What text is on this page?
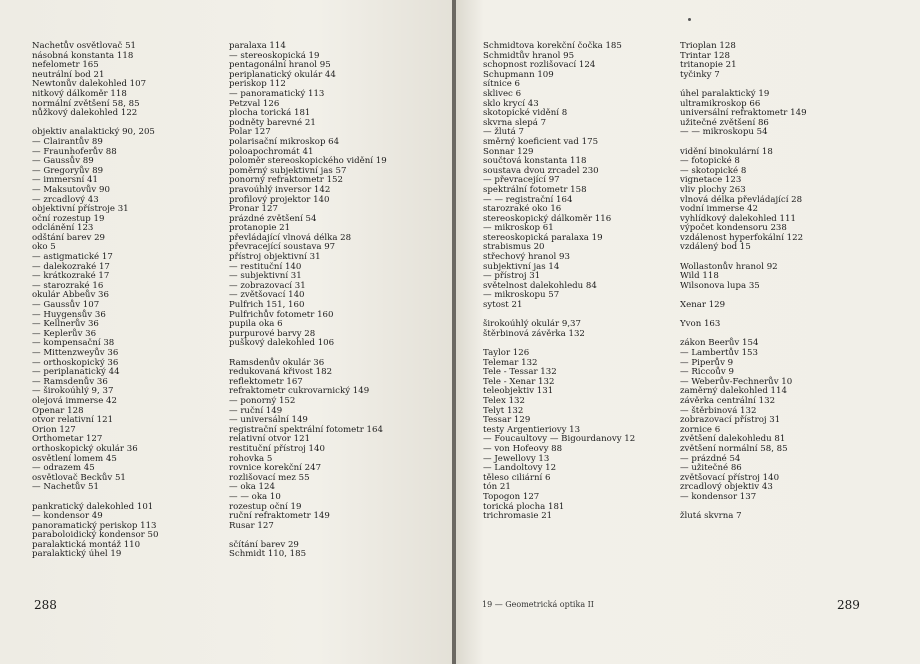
Nachetův osvětlovač 51
násobná konstanta 118
nefelometr 165
neutrální bod 21
Newtonův dalekohled 107
nitkový dálkoměr 118
normální zvětšení 58, 85
nůžkový dalekohled 122
objektiv analaktický 90, 205
— Clairantův 89
— Fraunhoferův 88
— Gaussův 89
— Gregoryův 89
— immersní 41
— Maksutovův 90
— zrcadlový 43
objektivní přístroje 31
oční rozestup 19
odclánění 123
odštání barev 29
oko 5
— astigmatické 17
— dalekozraké 17
— krátkozraké 17
— starozraké 16
okulár Abbeův 36
— Gaussův 107
— Huygensův 36
— Kellnerův 36
— Keplerův 36
— kompensační 38
— Mittenzweyův 36
— orthoskopický 36
— periplanatický 44
— Ramsdenův 36
— širokoúhlý 9, 37
olejová immerse 42
Openar 128
otvor relativní 121
Orion 127
Orthometar 127
orthoskopický okulár 36
osvětlení lomem 45
— odrazem 45
osvětlovač Beckův 51
— Nachetův 51
pankratický dalekohled 101
— kondensor 49
panoramatický periskop 113
paraboloidický kondensor 50
paralaktická montáž 110
paralaktický úhel 19
paralaxa 114
— stereoskopická 19
pentagonální hranol 95
periplanatický okulár 44
periskop 112
— panoramatický 113
Petzval 126
plocha torická 181
podněty barevné 21
Polar 127
polarisační mikroskop 64
poloapochromát 41
poloměr stereoskopického vidění 19
poměrný subjektivní jas 57
ponorný refraktometr 152
pravoúhlý inversor 142
profilový projektor 140
Pronar 127
prázdné zvětšení 54
protanopie 21
převládající vlnová délka 28
převracející soustava 97
přístroj objektivní 31
— restituční 140
— subjektivní 31
— zobrazovací 31
— zvětšovací 140
Pulfrich 151, 160
Pulfrichův fotometr 160
pupila oka 6
purpurové barvy 28
puškový dalekohled 106
Ramsdenův okulár 36
redukovaná křivost 182
reflektometr 167
refraktometr cukrovarnický 149
— ponorný 152
— ruční 149
— universální 149
registrační spektrální fotometr 164
relativní otvor 121
restituční přístroj 140
rohovka 5
rovnice korekční 247
rozlišovací mez 55
— oka 124
— — oka 10
rozestup oční 19
ruční refraktometr 149
Rusar 127
sčítání barev 29
Schmidt 110, 185
288
Schmidtova korekční čočka 185
Schmidtův hranol 95
schopnost rozlišovací 124
Schupmann 109
sítnice 6
sklivec 6
sklo krycí 43
skotopické vidění 8
skvrna slepá 7
— žlutá 7
směrný koeficient vad 175
Sonnar 129
součtová konstanta 118
soustava dvou zrcadel 230
— převracející 97
spektrální fotometr 158
— — registrační 164
starozraké oko 16
stereoskopický dálkoměr 116
— mikroskop 61
stereoskopická paralaxa 19
strabismus 20
střechový hranol 93
subjektivní jas 14
— přístroj 31
světelnost dalekohledu 84
— mikroskopu 57
sytost 21
širokoúhlý okulár 9,37
štěrbinová závěrka 132
Taylor 126
Telemar 132
Tele - Tessar 132
Tele - Xenar 132
teleobjektiv 131
Telex 132
Telyt 132
Tessar 129
testy Argentieriovy 13
— Foucaultovy — Bigourdanovy 12
— von Hofeovy 88
— Jewellovy 13
— Landoltovy 12
těleso ciliární 6
tón 21
Topogon 127
torická plocha 181
trichromasie 21
Trioplan 128
Trintar 128
tritanopie 21
tyčinky 7
úhel paralaktický 19
ultramikroskop 66
universální refraktometr 149
užitečné zvětšení 86
— — mikroskopu 54
vidění binokulární 18
— fotopické 8
— skotopické 8
vignetace 123
vliv plochy 263
vlnová délka převládající 28
vodní immerse 42
vyhlídkový dalekohled 111
výpočet kondensoru 238
vzdálenost hyperfokální 122
vzdálený bod 15
Wollastonův hranol 92
Wild 118
Wilsonova lupa 35
Xenar 129
Yvon 163
zákon Beerův 154
— Lambertův 153
— Piperův 9
— Riccoův 9
— Weberův-Fechnerův 10
zaměrný dalekohled 114
závěrka centrální 132
— štěrbinová 132
zobrazovací přístroj 31
zornice 6
zvětšení dalekohledu 81
zvětšení normální 58, 85
— prázdné 54
— užitečné 86
zvětšovací přístroj 140
zrcadlový objektiv 43
— kondensor 137
žlutá skvrna 7
19 — Geometrická optika II	289
